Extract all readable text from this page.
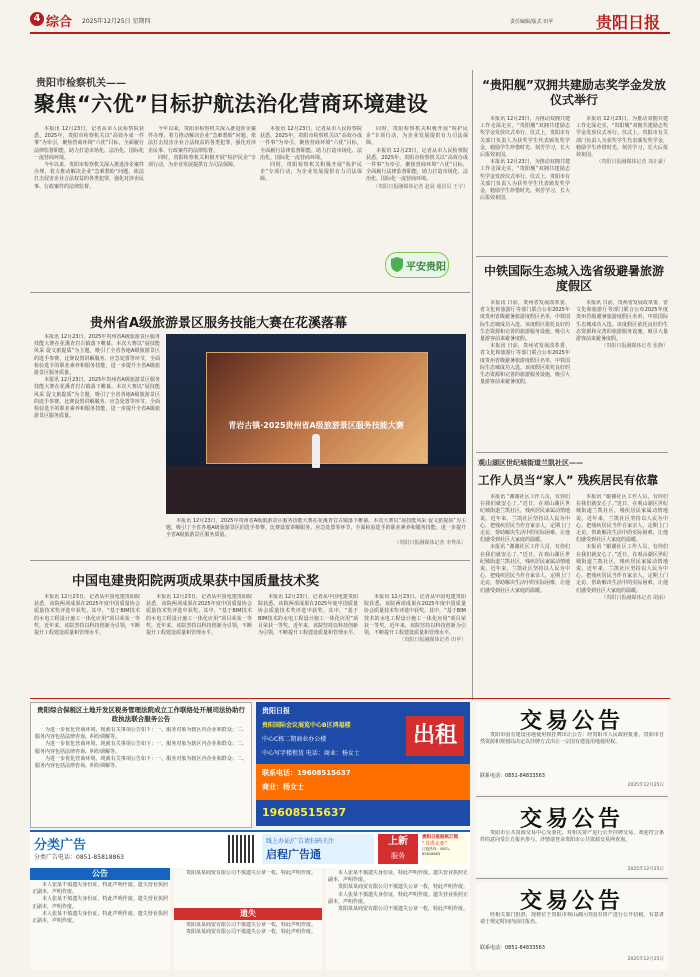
4 综合 2025年12月25日 星期四	责任编辑/版式 田苹	贵阳日报
贵阳市检察机关——
聚焦“六优”目标护航法治化营商环境建设

本报讯 12月23日，记者从市人民检察院获悉，2025年，贵阳市检察机关以“高效办成一件事”为牵引，聚焦营商环境“六优”目标，全面履行法律监督职能，助力打造市场化、法治化、国际化一流营商环境。

今年以来，贵阳市检察机关深入推进涉企案件办理，着力推动解决企业“急难愁盼”问题。依法打击侵害企业合法权益的各类犯罪，强化对涉企民事、行政案件的法律监督。

今年以来，贵阳市检察机关深入推进涉企案件办理，着力推动解决企业“急难愁盼”问题。依法打击侵害企业合法权益的各类犯罪，强化对涉企民事、行政案件的法律监督。

同时，贵阳检察机关积极开展“检护民企”专项行动，为企业发展提供有力司法保障。

本报讯 12月23日，记者从市人民检察院获悉，2025年，贵阳市检察机关以“高效办成一件事”为牵引，聚焦营商环境“六优”目标，全面履行法律监督职能，助力打造市场化、法治化、国际化一流营商环境。

同时，贵阳检察机关积极开展“检护民企”专项行动，为企业发展提供有力司法保障。

同时，贵阳检察机关积极开展“检护民企”专项行动，为企业发展提供有力司法保障。

本报讯 12月23日，记者从市人民检察院获悉，2025年，贵阳市检察机关以“高效办成一件事”为牵引，聚焦营商环境“六优”目标，全面履行法律监督职能，助力打造市场化、法治化、国际化一流营商环境。

（贵阳日报融媒体记者 赵晨 通讯员 王宇）
平安贵阳
“贵阳舰”双拥共建励志奖学金发放仪式举行

本报讯 12月23日，为推动双拥共建工作走深走实，“贵阳舰”双拥共建励志奖学金发放仪式举行。仪式上，贵阳市有关部门负责人为获奖学生代表颁发奖学金，勉励学生珍惜时光、刻苦学习，长大后报效祖国。

本报讯 12月23日，为推动双拥共建工作走深走实，“贵阳舰”双拥共建励志奖学金发放仪式举行。仪式上，贵阳市有关部门负责人为获奖学生代表颁发奖学金，勉励学生珍惜时光、刻苦学习，长大后报效祖国。

本报讯 12月23日，为推动双拥共建工作走深走实，“贵阳舰”双拥共建励志奖学金发放仪式举行。仪式上，贵阳市有关部门负责人为获奖学生代表颁发奖学金，勉励学生珍惜时光、刻苦学习，长大后报效祖国。

（贵阳日报融媒体记者 刘正豪）
中铁国际生态城入选省级避暑旅游度假区

本报讯 日前，贵州省发展改革委、省文化和旅游厅等部门联合公布2025年度贵州省级避暑旅游度假区名单，中铁国际生态城成功入选。该度假区依托良好的生态资源和完善的旅游服务设施，吸引大量游客前来避暑度假。

本报讯 日前，贵州省发展改革委、省文化和旅游厅等部门联合公布2025年度贵州省级避暑旅游度假区名单，中铁国际生态城成功入选。该度假区依托良好的生态资源和完善的旅游服务设施，吸引大量游客前来避暑度假。

本报讯 日前，贵州省发展改革委、省文化和旅游厅等部门联合公布2025年度贵州省级避暑旅游度假区名单，中铁国际生态城成功入选。该度假区依托良好的生态资源和完善的旅游服务设施，吸引大量游客前来避暑度假。

（贵阳日报融媒体记者 张静）
观山湖区世纪城街道兰凯社区——
工作人员当“家人” 残疾居民有依靠

本报讯 “谢谢社区工作人员，有你们在我们就安心了。”近日，在观山湖区世纪城街道兰凯社区，残疾居民家属动情地说。近年来，兰凯社区坚持以人民为中心，把残疾居民当作自家亲人，定期上门走访，帮助解决生活中的实际困难，让他们感受到社区大家庭的温暖。

本报讯 “谢谢社区工作人员，有你们在我们就安心了。”近日，在观山湖区世纪城街道兰凯社区，残疾居民家属动情地说。近年来，兰凯社区坚持以人民为中心，把残疾居民当作自家亲人，定期上门走访，帮助解决生活中的实际困难，让他们感受到社区大家庭的温暖。

本报讯 “谢谢社区工作人员，有你们在我们就安心了。”近日，在观山湖区世纪城街道兰凯社区，残疾居民家属动情地说。近年来，兰凯社区坚持以人民为中心，把残疾居民当作自家亲人，定期上门走访，帮助解决生活中的实际困难，让他们感受到社区大家庭的温暖。

本报讯 “谢谢社区工作人员，有你们在我们就安心了。”近日，在观山湖区世纪城街道兰凯社区，残疾居民家属动情地说。近年来，兰凯社区坚持以人民为中心，把残疾居民当作自家亲人，定期上门走访，帮助解决生活中的实际困难，让他们感受到社区大家庭的温暖。

（贵阳日报融媒体记者 胡丽）
贵州省A级旅游景区服务技能大赛在花溪落幕

本报讯 12月23日，2025年贵州省A级旅游景区服务技能大赛在花溪青岩古镇落下帷幕。本次大赛以“展技能风采 促文旅提质”为主题，吸引了全省各地A级旅游景区的选手参赛。比赛设置讲解服务、应急处置等环节，全面检验选手的职业素养和服务技能，进一步提升全省A级旅游景区服务质量。

本报讯 12月23日，2025年贵州省A级旅游景区服务技能大赛在花溪青岩古镇落下帷幕。本次大赛以“展技能风采 促文旅提质”为主题，吸引了全省各地A级旅游景区的选手参赛。比赛设置讲解服务、应急处置等环节，全面检验选手的职业素养和服务技能，进一步提升全省A级旅游景区服务质量。

青岩古镇·2025贵州省A级旅游景区服务技能大赛

本报讯 12月23日，2025年贵州省A级旅游景区服务技能大赛在花溪青岩古镇落下帷幕。本次大赛以“展技能风采 促文旅提质”为主题，吸引了全省各地A级旅游景区的选手参赛。比赛设置讲解服务、应急处置等环节，全面检验选手的职业素养和服务技能，进一步提升全省A级旅游景区服务质量。

（贵阳日报融媒体记者 李秀凤）
中国电建贵阳院两项成果获中国质量技术奖

本报讯 12月23日，记者从中国电建贵阳院获悉，该院两项成果在2025年度中国质量协会质量技术奖评选中获奖。其中，“基于BIM技术的水电工程设计施工一体化应用”项目荣获一等奖。近年来，该院坚持以科技创新为引领，不断提升工程建设质量和管理水平。

本报讯 12月23日，记者从中国电建贵阳院获悉，该院两项成果在2025年度中国质量协会质量技术奖评选中获奖。其中，“基于BIM技术的水电工程设计施工一体化应用”项目荣获一等奖。近年来，该院坚持以科技创新为引领，不断提升工程建设质量和管理水平。

本报讯 12月23日，记者从中国电建贵阳院获悉，该院两项成果在2025年度中国质量协会质量技术奖评选中获奖。其中，“基于BIM技术的水电工程设计施工一体化应用”项目荣获一等奖。近年来，该院坚持以科技创新为引领，不断提升工程建设质量和管理水平。

本报讯 12月23日，记者从中国电建贵阳院获悉，该院两项成果在2025年度中国质量协会质量技术奖评选中获奖。其中，“基于BIM技术的水电工程设计施工一体化应用”项目荣获一等奖。近年来，该院坚持以科技创新为引领，不断提升工程建设质量和管理水平。

（贵阳日报融媒体记者 田苹）
贵阳综合保税区土地开发区税务管理法院成立工作联络处开展司法协助行政执法联合服务公告

为进一步优化营商环境，现就有关事项公告如下：一、服务对象为辖区内企业和群众；二、服务内容包括法律咨询、纠纷调解等。

为进一步优化营商环境，现就有关事项公告如下：一、服务对象为辖区内企业和群众；二、服务内容包括法律咨询、纠纷调解等。

为进一步优化营商环境，现就有关事项公告如下：一、服务对象为辖区内企业和群众；二、服务内容包括法律咨询、纠纷调解等。

贵阳日报
出租
贵阳国际会议展览中心B区鸿福楼
中心C栋二期商业办公楼
中心写字楼租赁 电话：商业：杨女士
联系电话：19608515637
商业：杨女士
19608515637
交易公告

贵阳市国有建设用地使用权挂牌出让公告：经贵阳市人民政府批准，贵阳市自然资源和规划局决定以挂牌方式出让一宗国有建设用地使用权。

联系电话：0851-84833563
2025年12月25日
交易公告

贵阳市公共资源交易中心受委托，对相关资产进行公开挂牌交易，欢迎符合条件的意向受让方报名参与。详情请登录贵阳市公共资源交易网查询。

2025年12月25日
交易公告

经相关部门批准，现将位于贵阳市观山湖区的国有资产进行公开招租，有意者请于规定时间内前往报名。

联系电话：0851-84833563
2025年12月25日
分类广告
分类广告电话：0851-85818863
线上办证/广告请扫码关注
启程广告通
上新
服务
贵阳日报报纸订阅
“书香太亚”
订阅热线：0851-85818863
公告

本人张某不慎遗失身份证，特此声明作废。遗失营业执照正副本，声明作废。

本人张某不慎遗失身份证，特此声明作废。遗失营业执照正副本，声明作废。

本人张某不慎遗失身份证，特此声明作废。遗失营业执照正副本，声明作废。

贵阳某某商贸有限公司不慎遗失公章一枚，特此声明作废。

遗失

贵阳某某商贸有限公司不慎遗失公章一枚，特此声明作废。

贵阳某某商贸有限公司不慎遗失公章一枚，特此声明作废。

本人张某不慎遗失身份证，特此声明作废。遗失营业执照正副本，声明作废。

贵阳某某商贸有限公司不慎遗失公章一枚，特此声明作废。

本人张某不慎遗失身份证，特此声明作废。遗失营业执照正副本，声明作废。

贵阳某某商贸有限公司不慎遗失公章一枚，特此声明作废。
